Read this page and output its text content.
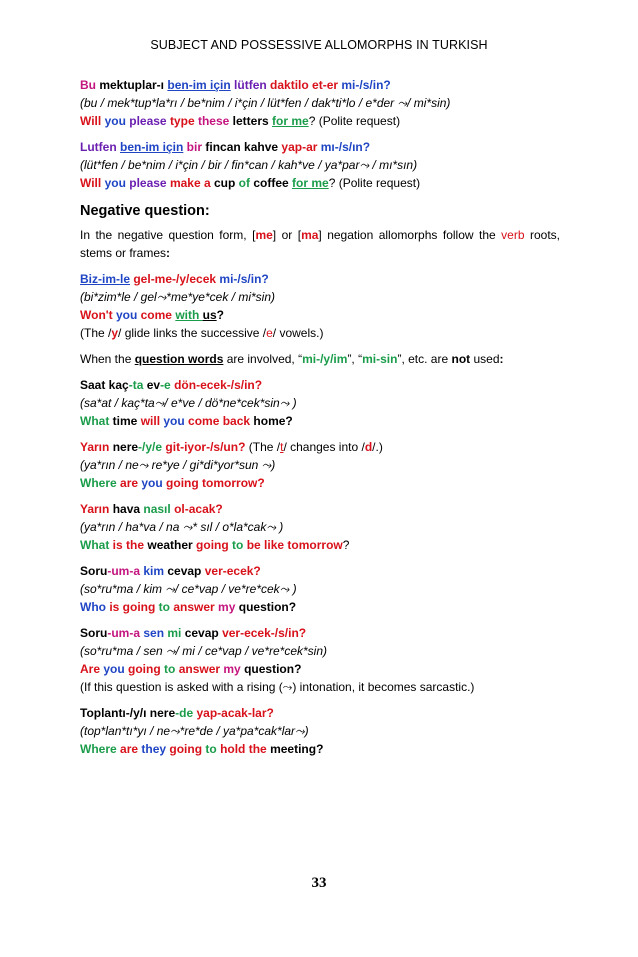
SUBJECT AND POSSESSIVE ALLOMORPHS IN TURKISH
Bu mektuplar-ı ben-im için lütfen daktilo et-er mi-/s/in?
(bu / mek*tup*la*rı / be*nim / i*çin / lüt*fen / dak*ti*lo / e*der ⤳/ mi*sin)
Will you please type these letters for me? (Polite request)
Lutfen ben-im için bir fincan kahve yap-ar mı-/s/ın?
(lüt*fen / be*nim / i*çin / bir / fin*can / kah*ve / ya*par⤳ / mı*sın)
Will you please make a cup of coffee for me? (Polite request)
Negative question:
In the negative question form, [me] or [ma] negation allomorphs follow the verb roots, stems or frames:
Biz-im-le gel-me-/y/ecek mi-/s/in?
(bi*zim*le / gel⤳*me*ye*cek / mi*sin)
Won't you come with us?
(The /y/ glide links the successive /e/ vowels.)
When the question words are involved, “mi-/y/im”, “mi-sin”, etc. are not used:
Saat kaç-ta ev-e dön-ecek-/s/in?
(sa*at / kaç*ta⤳/ e*ve / dö*ne*cek*sin⤳ )
What time will you come back home?
Yarın nere-/y/e git-iyor-/s/un? (The /t/ changes into /d/.)
(ya*rın / ne⤳ re*ye / gi*di*yor*sun ⤳)
Where are you going tomorrow?
Yarın hava nasıl ol-acak?
(ya*rın / ha*va / na ⤳* sıl / o*la*cak⤳ )
What is the weather going to be like tomorrow?
Soru-um-a kim cevap ver-ecek?
(so*ru*ma / kim ⤳/ ce*vap / ve*re*cek⤳ )
Who is going to answer my question?
Soru-um-a sen mi cevap ver-ecek-/s/in?
(so*ru*ma / sen ⤳/ mi / ce*vap / ve*re*cek*sin)
Are you going to answer my question?
(If this question is asked with a rising (⤳) intonation, it becomes sarcastic.)
Toplantı-/y/ı nere-de yap-acak-lar?
(top*lan*tı*yı / ne⤳*re*de / ya*pa*cak*lar⤳)
Where are they going to hold the meeting?
33
